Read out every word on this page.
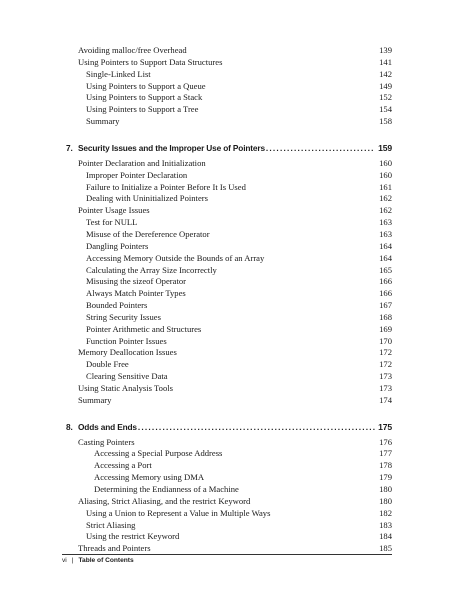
Avoiding malloc/free Overhead	139
Using Pointers to Support Data Structures	141
Single-Linked List	142
Using Pointers to Support a Queue	149
Using Pointers to Support a Stack	152
Using Pointers to Support a Tree	154
Summary	158
7. Security Issues and the Improper Use of Pointers .....	159
Pointer Declaration and Initialization	160
Improper Pointer Declaration	160
Failure to Initialize a Pointer Before It Is Used	161
Dealing with Uninitialized Pointers	162
Pointer Usage Issues	162
Test for NULL	163
Misuse of the Dereference Operator	163
Dangling Pointers	164
Accessing Memory Outside the Bounds of an Array	164
Calculating the Array Size Incorrectly	165
Misusing the sizeof Operator	166
Always Match Pointer Types	166
Bounded Pointers	167
String Security Issues	168
Pointer Arithmetic and Structures	169
Function Pointer Issues	170
Memory Deallocation Issues	172
Double Free	172
Clearing Sensitive Data	173
Using Static Analysis Tools	173
Summary	174
8. Odds and Ends .....	175
Casting Pointers	176
Accessing a Special Purpose Address	177
Accessing a Port	178
Accessing Memory using DMA	179
Determining the Endianness of a Machine	180
Aliasing, Strict Aliasing, and the restrict Keyword	180
Using a Union to Represent a Value in Multiple Ways	182
Strict Aliasing	183
Using the restrict Keyword	184
Threads and Pointers	185
vi | Table of Contents
